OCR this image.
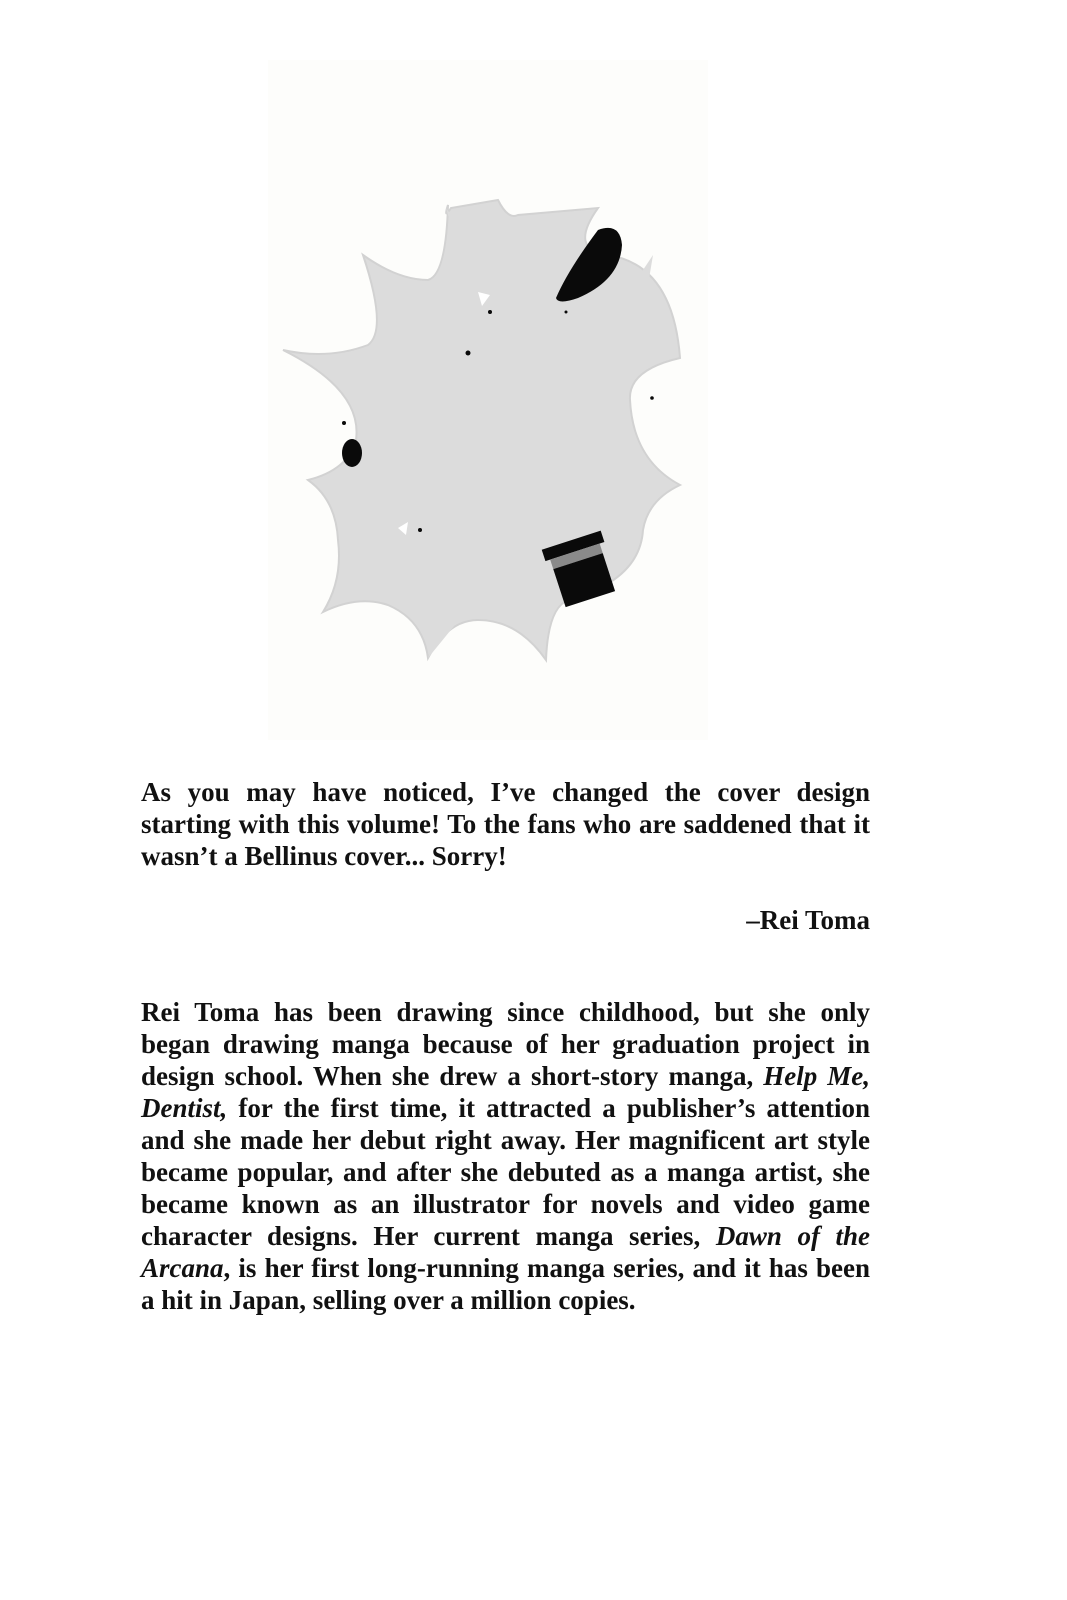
As you may have noticed, I’ve changed the cover design starting with this volume! To the fans who are saddened that it wasn’t a Bellinus cover... Sorry!

–Rei Toma

Rei Toma has been drawing since childhood, but she only began drawing manga because of her graduation project in design school. When she drew a short-story manga, Help Me, Dentist, for the first time, it attracted a publisher’s attention and she made her debut right away. Her magnificent art style became popular, and after she debuted as a manga artist, she became known as an illustrator for novels and video game character designs. Her current manga series, Dawn of the Arcana, is her first long-running manga series, and it has been a hit in Japan, selling over a million copies.
